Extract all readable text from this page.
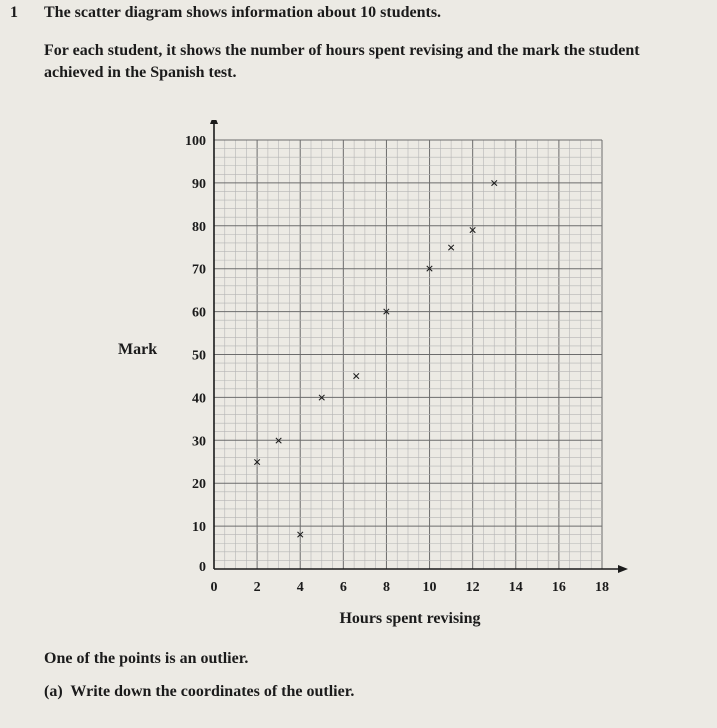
1 The scatter diagram shows information about 10 students.

For each student, it shows the number of hours spent revising and the mark the student achieved in the Spanish test.

0
10
20
30
40
50
60
70
80
90
100
0	2	4	6	8 10 12 14 16 18
×
×
×
×
×
×
×
×
×
×
Mark
Hours spent revising

One of the points is an outlier.

(a) Write down the coordinates of the outlier.
